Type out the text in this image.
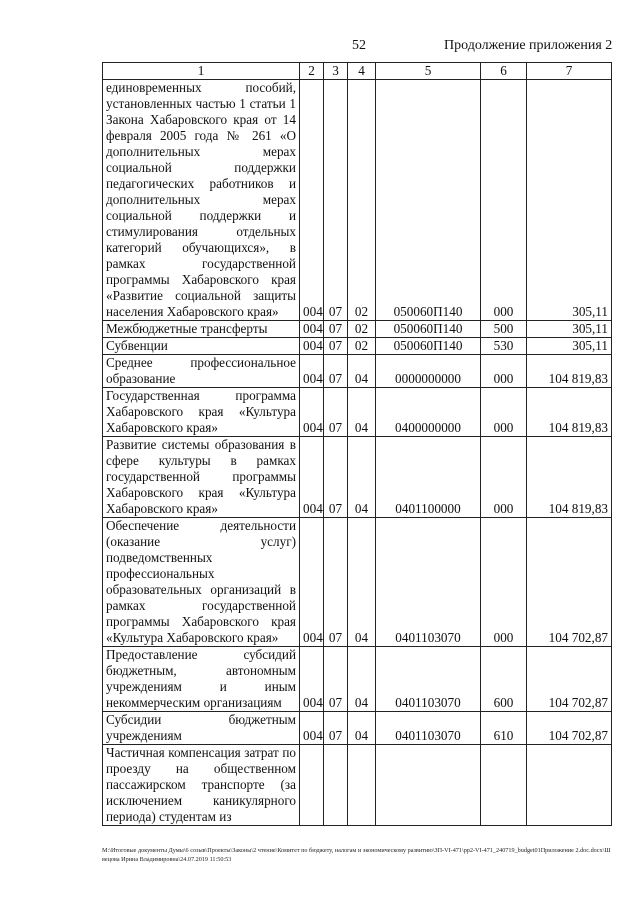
52	Продолжение приложения 2
1	2	3	4	5	6	7
единовременных пособий, установленных частью 1 статьи 1 Закона Хабаровского края от 14 февраля 2005 года № 261 «О дополнительных мерах социальной поддержки педагогических работников и дополнительных мерах социальной поддержки и стимулирования отдельных категорий обучающихся», в рамках государственной программы Хабаровского края «Развитие социальной защиты населения Хабаровского края»	004	07	02	050060П140	000	305,11
Межбюджетные трансферты	004	07	02	050060П140	500	305,11
Субвенции	004	07	02	050060П140	530	305,11
Среднее профессиональное образование	004	07	04	0000000000	000	104 819,83
Государственная программа Хабаровского края «Культура Хабаровского края»	004	07	04	0400000000	000	104 819,83
Развитие системы образования в сфере культуры в рамках государственной программы Хабаровского края «Культура Хабаровского края»	004	07	04	0401100000	000	104 819,83
Обеспечение деятельности (оказание услуг) подведомственных профессиональных образовательных организаций в рамках государственной программы Хабаровского края «Культура Хабаровского края»	004	07	04	0401103070	000	104 702,87
Предоставление субсидий бюджетным, автономным учреждениям и иным некоммерческим организациям	004	07	04	0401103070	600	104 702,87
Субсидии бюджетным учреждениям	004	07	04	0401103070	610	104 702,87
Частичная компенсация затрат по проезду на общественном пассажирском транспорте (за исключением каникулярного периода) студентам из						
M:\Итоговые документы Думы\6 созыв\Проекты\Законы\2 чтение\Комитет по бюджету, налогам и экономическому развитию\ЗП-VI-471\pp2-VI-471_240719_budget01Приложение 2.doc.docx\Швецова Ирина Владимировна\24.07.2019 11:50:53
